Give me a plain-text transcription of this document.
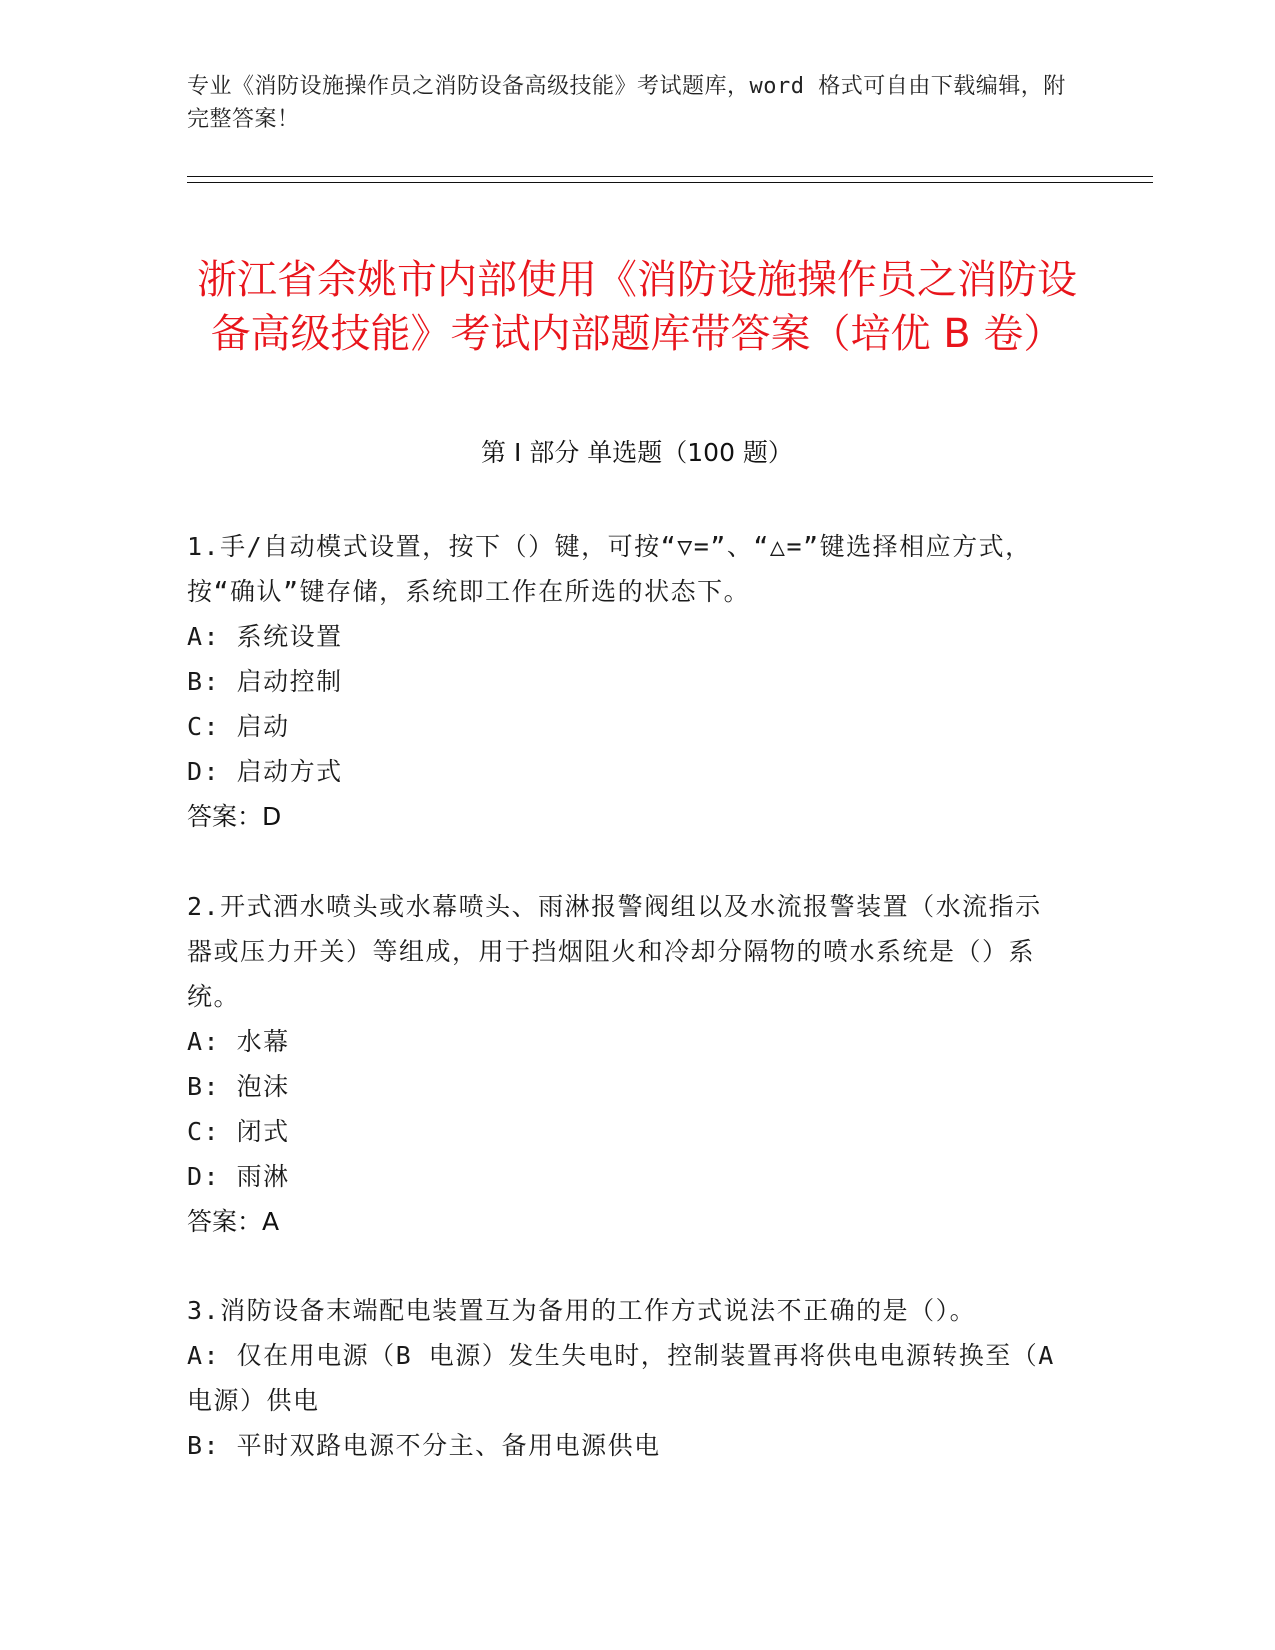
专业《消防设施操作员之消防设备高级技能》考试题库，word 格式可自由下载编辑，附完整答案！
浙江省余姚市内部使用《消防设施操作员之消防设备高级技能》考试内部题库带答案（培优 B 卷）
第 I 部分 单选题（100 题）

1.手/自动模式设置，按下（）键，可按“▽=”、“△=”键选择相应方式，按“确认”键存储，系统即工作在所选的状态下。

A: 系统设置

B: 启动控制

C: 启动

D: 启动方式

答案：D

2.开式洒水喷头或水幕喷头、雨淋报警阀组以及水流报警装置（水流指示器或压力开关）等组成，用于挡烟阻火和冷却分隔物的喷水系统是（）系统。

A: 水幕

B: 泡沫

C: 闭式

D: 雨淋

答案：A

3.消防设备末端配电装置互为备用的工作方式说法不正确的是（）。

A: 仅在用电源（B 电源）发生失电时，控制装置再将供电电源转换至（A 电源）供电

B: 平时双路电源不分主、备用电源供电
